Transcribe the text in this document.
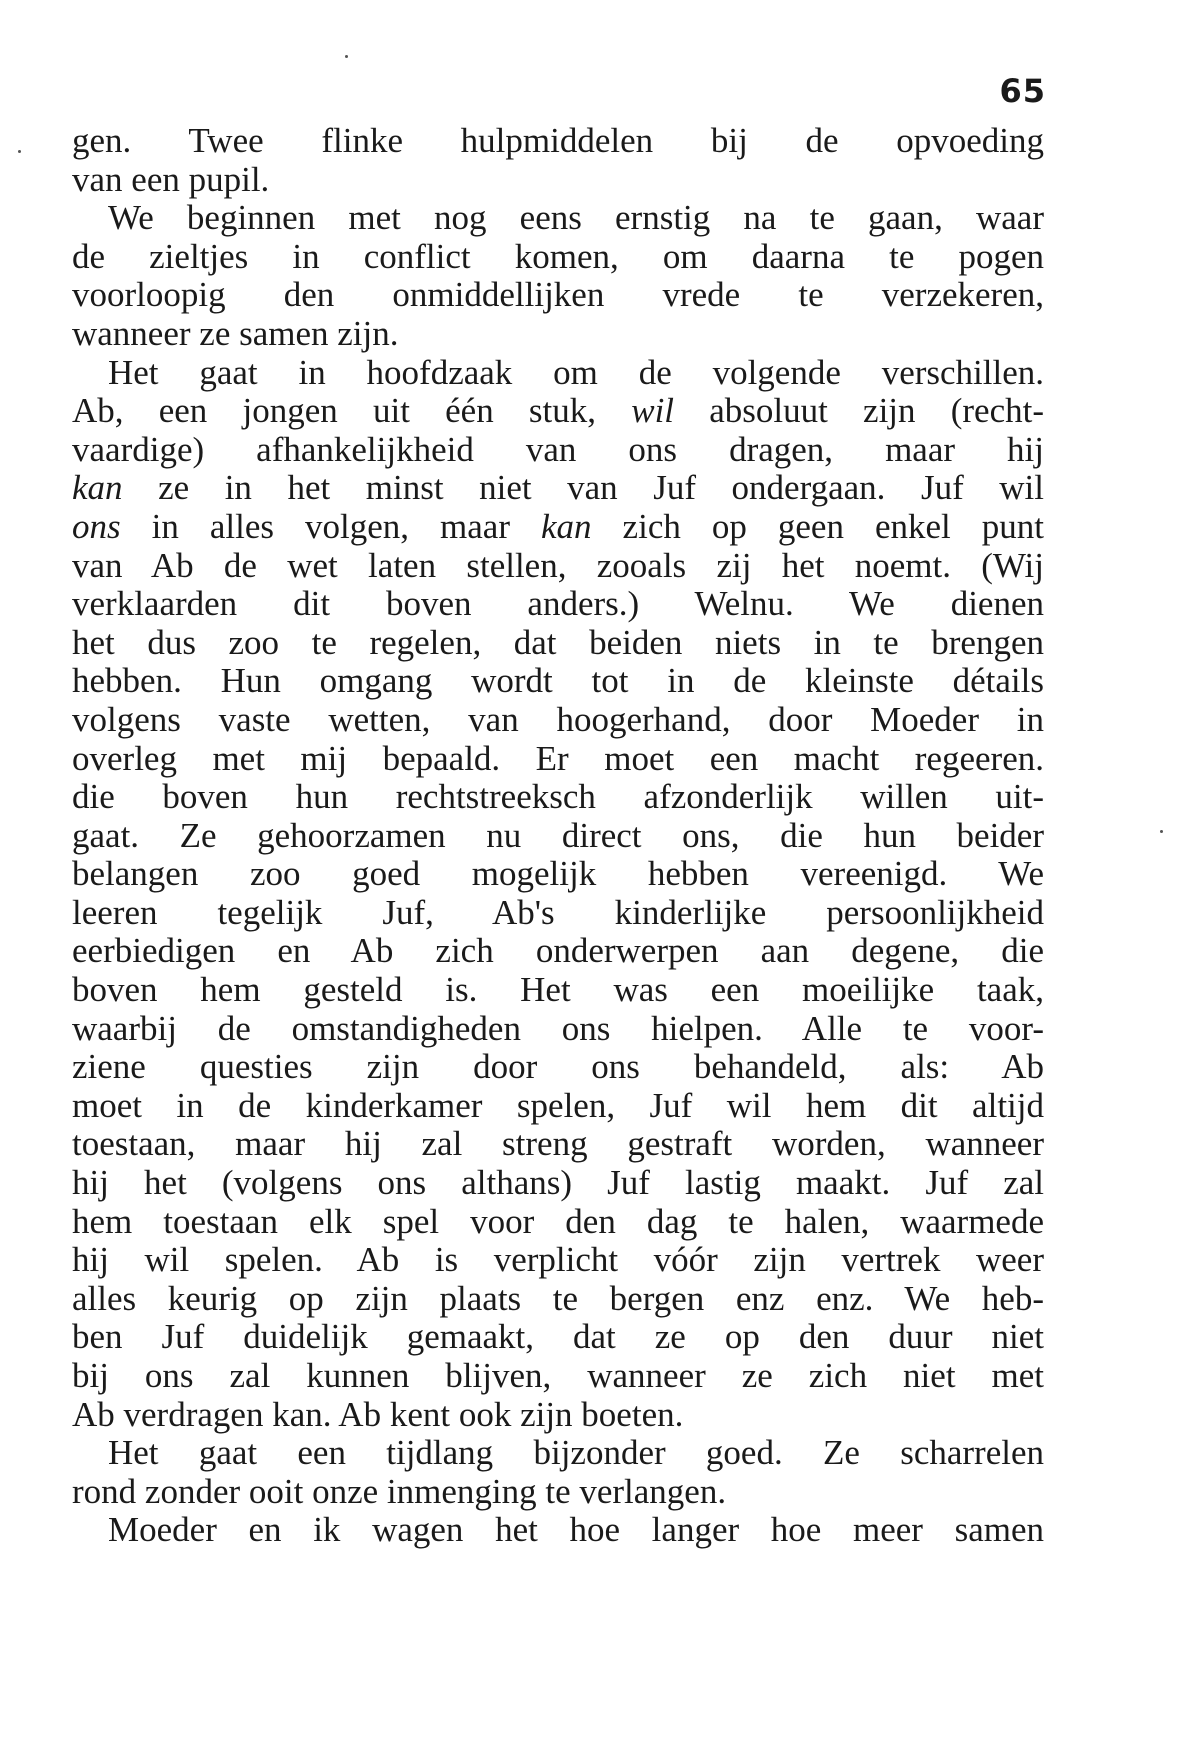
65
gen. Twee flinke hulpmiddelen bij de opvoeding
van een pupil.
We beginnen met nog eens ernstig na te gaan, waar
de zieltjes in conflict komen, om daarna te pogen
voorloopig den onmiddellijken vrede te verzekeren,
wanneer ze samen zijn.
Het gaat in hoofdzaak om de volgende verschillen.
Ab, een jongen uit één stuk, wil absoluut zijn (recht-
vaardige) afhankelijkheid van ons dragen, maar hij
kan ze in het minst niet van Juf ondergaan. Juf wil
ons in alles volgen, maar kan zich op geen enkel punt
van Ab de wet laten stellen, zooals zij het noemt. (Wij
verklaarden dit boven anders.) Welnu. We dienen
het dus zoo te regelen, dat beiden niets in te brengen
hebben. Hun omgang wordt tot in de kleinste détails
volgens vaste wetten, van hoogerhand, door Moeder in
overleg met mij bepaald. Er moet een macht regeeren.
die boven hun rechtstreeksch afzonderlijk willen uit-
gaat. Ze gehoorzamen nu direct ons, die hun beider
belangen zoo goed mogelijk hebben vereenigd. We
leeren tegelijk Juf, Ab's kinderlijke persoonlijkheid
eerbiedigen en Ab zich onderwerpen aan degene, die
boven hem gesteld is. Het was een moeilijke taak,
waarbij de omstandigheden ons hielpen. Alle te voor-
ziene questies zijn door ons behandeld, als: Ab
moet in de kinderkamer spelen, Juf wil hem dit altijd
toestaan, maar hij zal streng gestraft worden, wanneer
hij het (volgens ons althans) Juf lastig maakt. Juf zal
hem toestaan elk spel voor den dag te halen, waarmede
hij wil spelen. Ab is verplicht vóór zijn vertrek weer
alles keurig op zijn plaats te bergen enz enz. We heb-
ben Juf duidelijk gemaakt, dat ze op den duur niet
bij ons zal kunnen blijven, wanneer ze zich niet met
Ab verdragen kan. Ab kent ook zijn boeten.
Het gaat een tijdlang bijzonder goed. Ze scharrelen
rond zonder ooit onze inmenging te verlangen.
Moeder en ik wagen het hoe langer hoe meer samen
